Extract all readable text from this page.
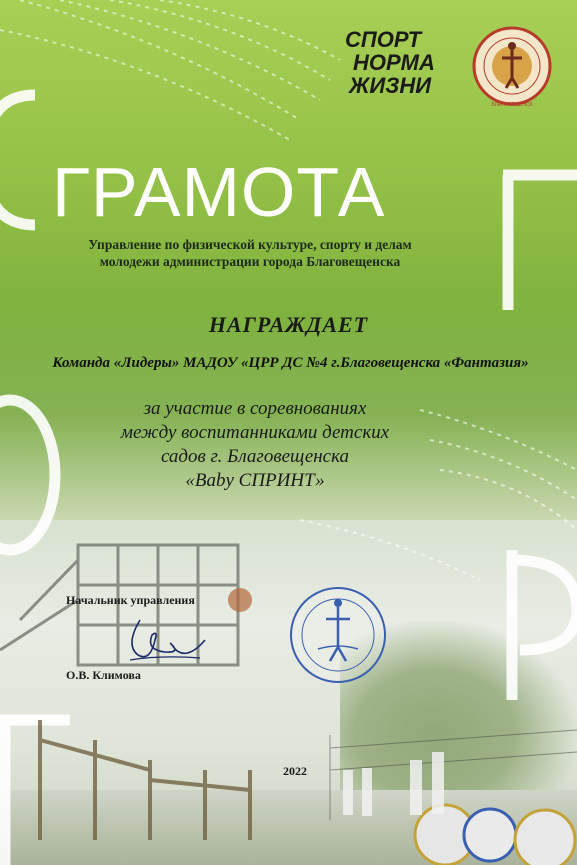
СПОРТ
НОРМА
ЖИЗНИ
БЛАГОВЕЩЕНСК
ГРАМОТА
Управление по физической культуре, спорту и делам
молодежи администрации города Благовещенска
НАГРАЖДАЕТ
Команда «Лидеры» МАДОУ «ЦРР ДС №4 г.Благовещенска «Фантазия»
за участие в соревнованиях
между воспитанниками детских
садов г. Благовещенска
«Baby СПРИНТ»
Начальник управления
О.В. Климова
2022
